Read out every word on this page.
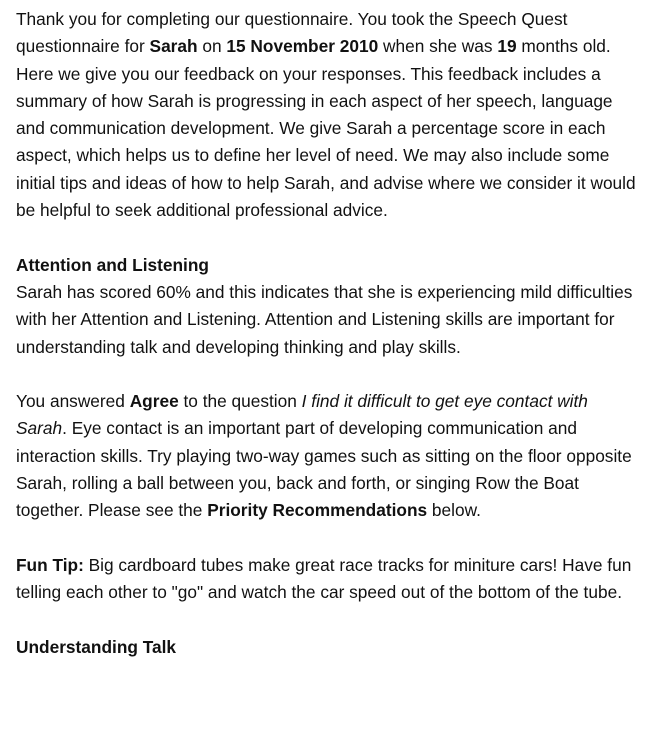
Thank you for completing our questionnaire. You took the Speech Quest questionnaire for Sarah on 15 November 2010 when she was 19 months old. Here we give you our feedback on your responses. This feedback includes a summary of how Sarah is progressing in each aspect of her speech, language and communication development. We give Sarah a percentage score in each aspect, which helps us to define her level of need. We may also include some initial tips and ideas of how to help Sarah, and advise where we consider it would be helpful to seek additional professional advice.

Attention and Listening

Sarah has scored 60% and this indicates that she is experiencing mild difficulties with her Attention and Listening. Attention and Listening skills are important for understanding talk and developing thinking and play skills.

You answered Agree to the question I find it difficult to get eye contact with Sarah. Eye contact is an important part of developing communication and interaction skills. Try playing two-way games such as sitting on the floor opposite Sarah, rolling a ball between you, back and forth, or singing Row the Boat together. Please see the Priority Recommendations below.

Fun Tip: Big cardboard tubes make great race tracks for miniture cars! Have fun telling each other to "go" and watch the car speed out of the bottom of the tube.

Understanding Talk
